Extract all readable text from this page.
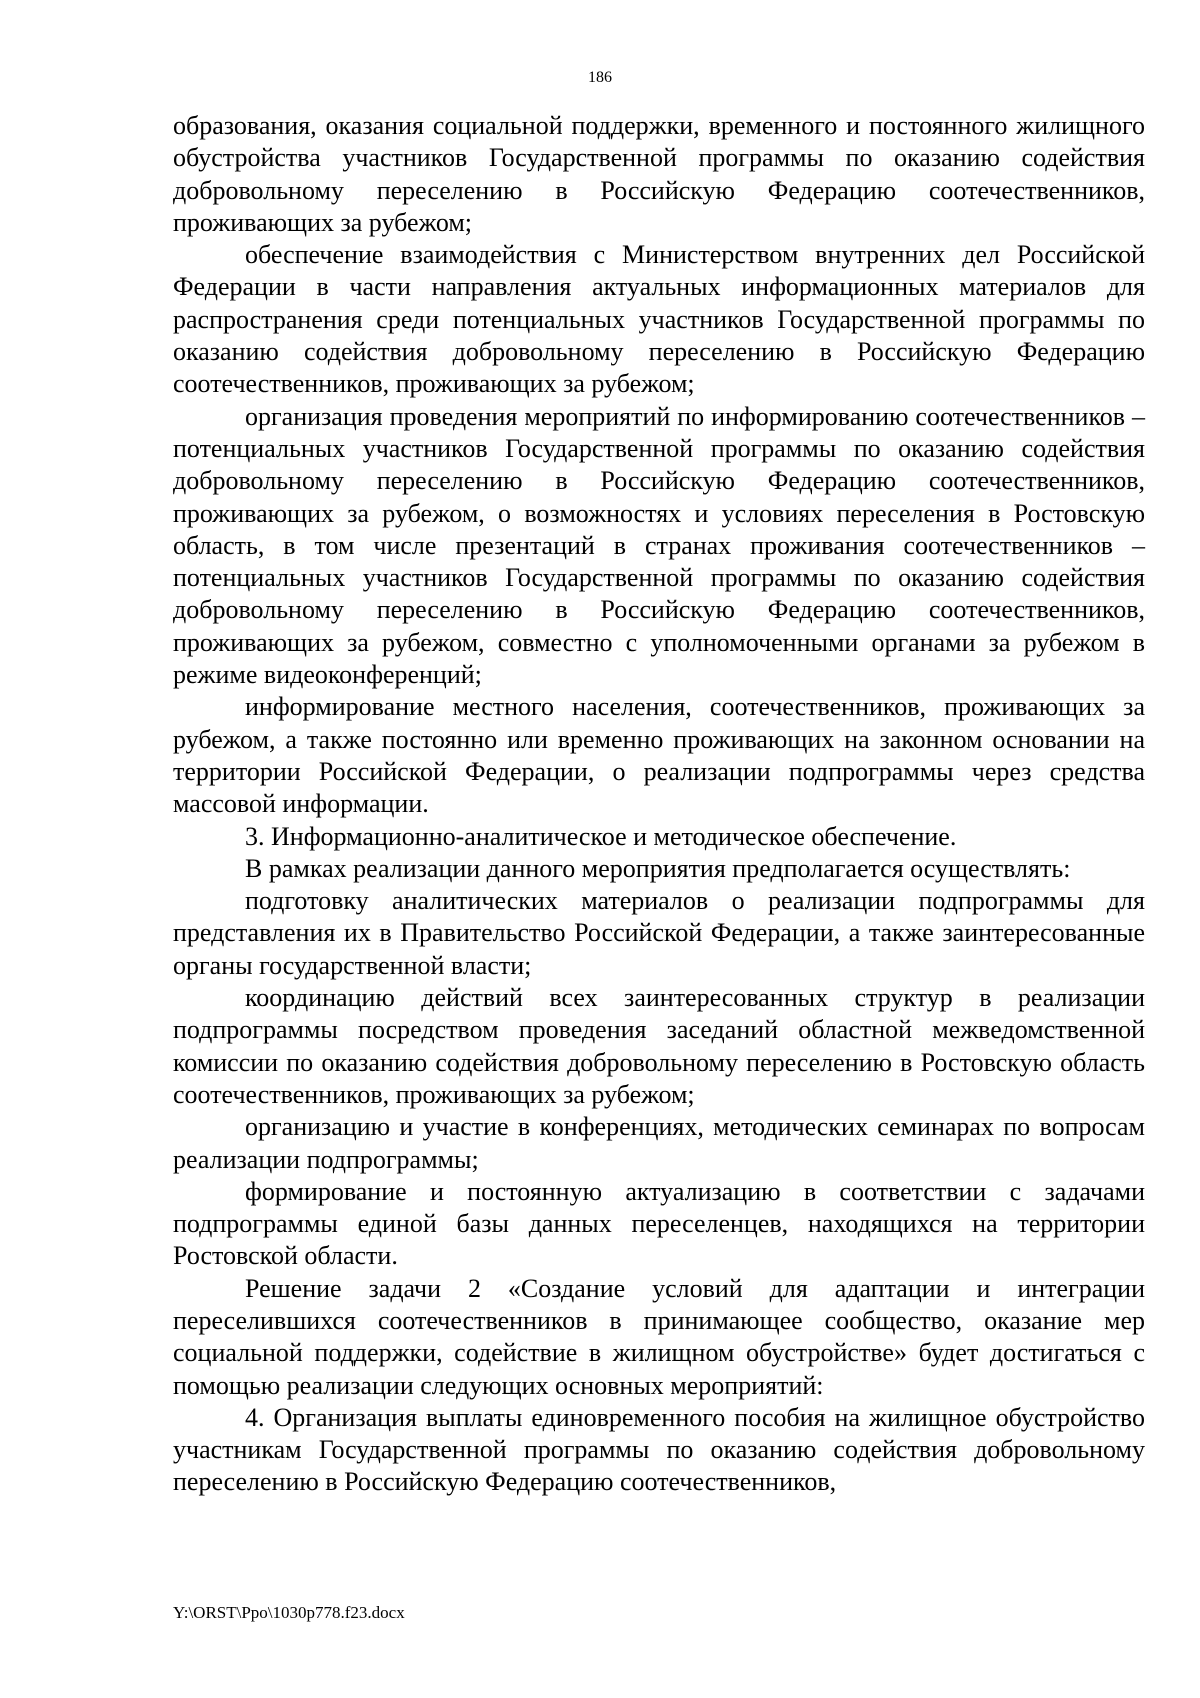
186

образования, оказания социальной поддержки, временного и постоянного жилищного обустройства участников Государственной программы по оказанию содействия добровольному переселению в Российскую Федерацию соотечественников, проживающих за рубежом;

обеспечение взаимодействия с Министерством внутренних дел Российской Федерации в части направления актуальных информационных материалов для распространения среди потенциальных участников Государственной программы по оказанию содействия добровольному переселению в Российскую Федерацию соотечественников, проживающих за рубежом;

организация проведения мероприятий по информированию соотечественников – потенциальных участников Государственной программы по оказанию содействия добровольному переселению в Российскую Федерацию соотечественников, проживающих за рубежом, о возможностях и условиях переселения в Ростовскую область, в том числе презентаций в странах проживания соотечественников – потенциальных участников Государственной программы по оказанию содействия добровольному переселению в Российскую Федерацию соотечественников, проживающих за рубежом, совместно с уполномоченными органами за рубежом в режиме видеоконференций;

информирование местного населения, соотечественников, проживающих за рубежом, а также постоянно или временно проживающих на законном основании на территории Российской Федерации, о реализации подпрограммы через средства массовой информации.

3. Информационно-аналитическое и методическое обеспечение.

В рамках реализации данного мероприятия предполагается осуществлять:

подготовку аналитических материалов о реализации подпрограммы для представления их в Правительство Российской Федерации, а также заинтересованные органы государственной власти;

координацию действий всех заинтересованных структур в реализации подпрограммы посредством проведения заседаний областной межведомственной комиссии по оказанию содействия добровольному переселению в Ростовскую область соотечественников, проживающих за рубежом;

организацию и участие в конференциях, методических семинарах по вопросам реализации подпрограммы;

формирование и постоянную актуализацию в соответствии с задачами подпрограммы единой базы данных переселенцев, находящихся на территории Ростовской области.

Решение задачи 2 «Создание условий для адаптации и интеграции переселившихся соотечественников в принимающее сообщество, оказание мер социальной поддержки, содействие в жилищном обустройстве» будет достигаться с помощью реализации следующих основных мероприятий:

4. Организация выплаты единовременного пособия на жилищное обустройство участникам Государственной программы по оказанию содействия добровольному переселению в Российскую Федерацию соотечественников,

Y:\ORST\Ppo\1030p778.f23.docx
